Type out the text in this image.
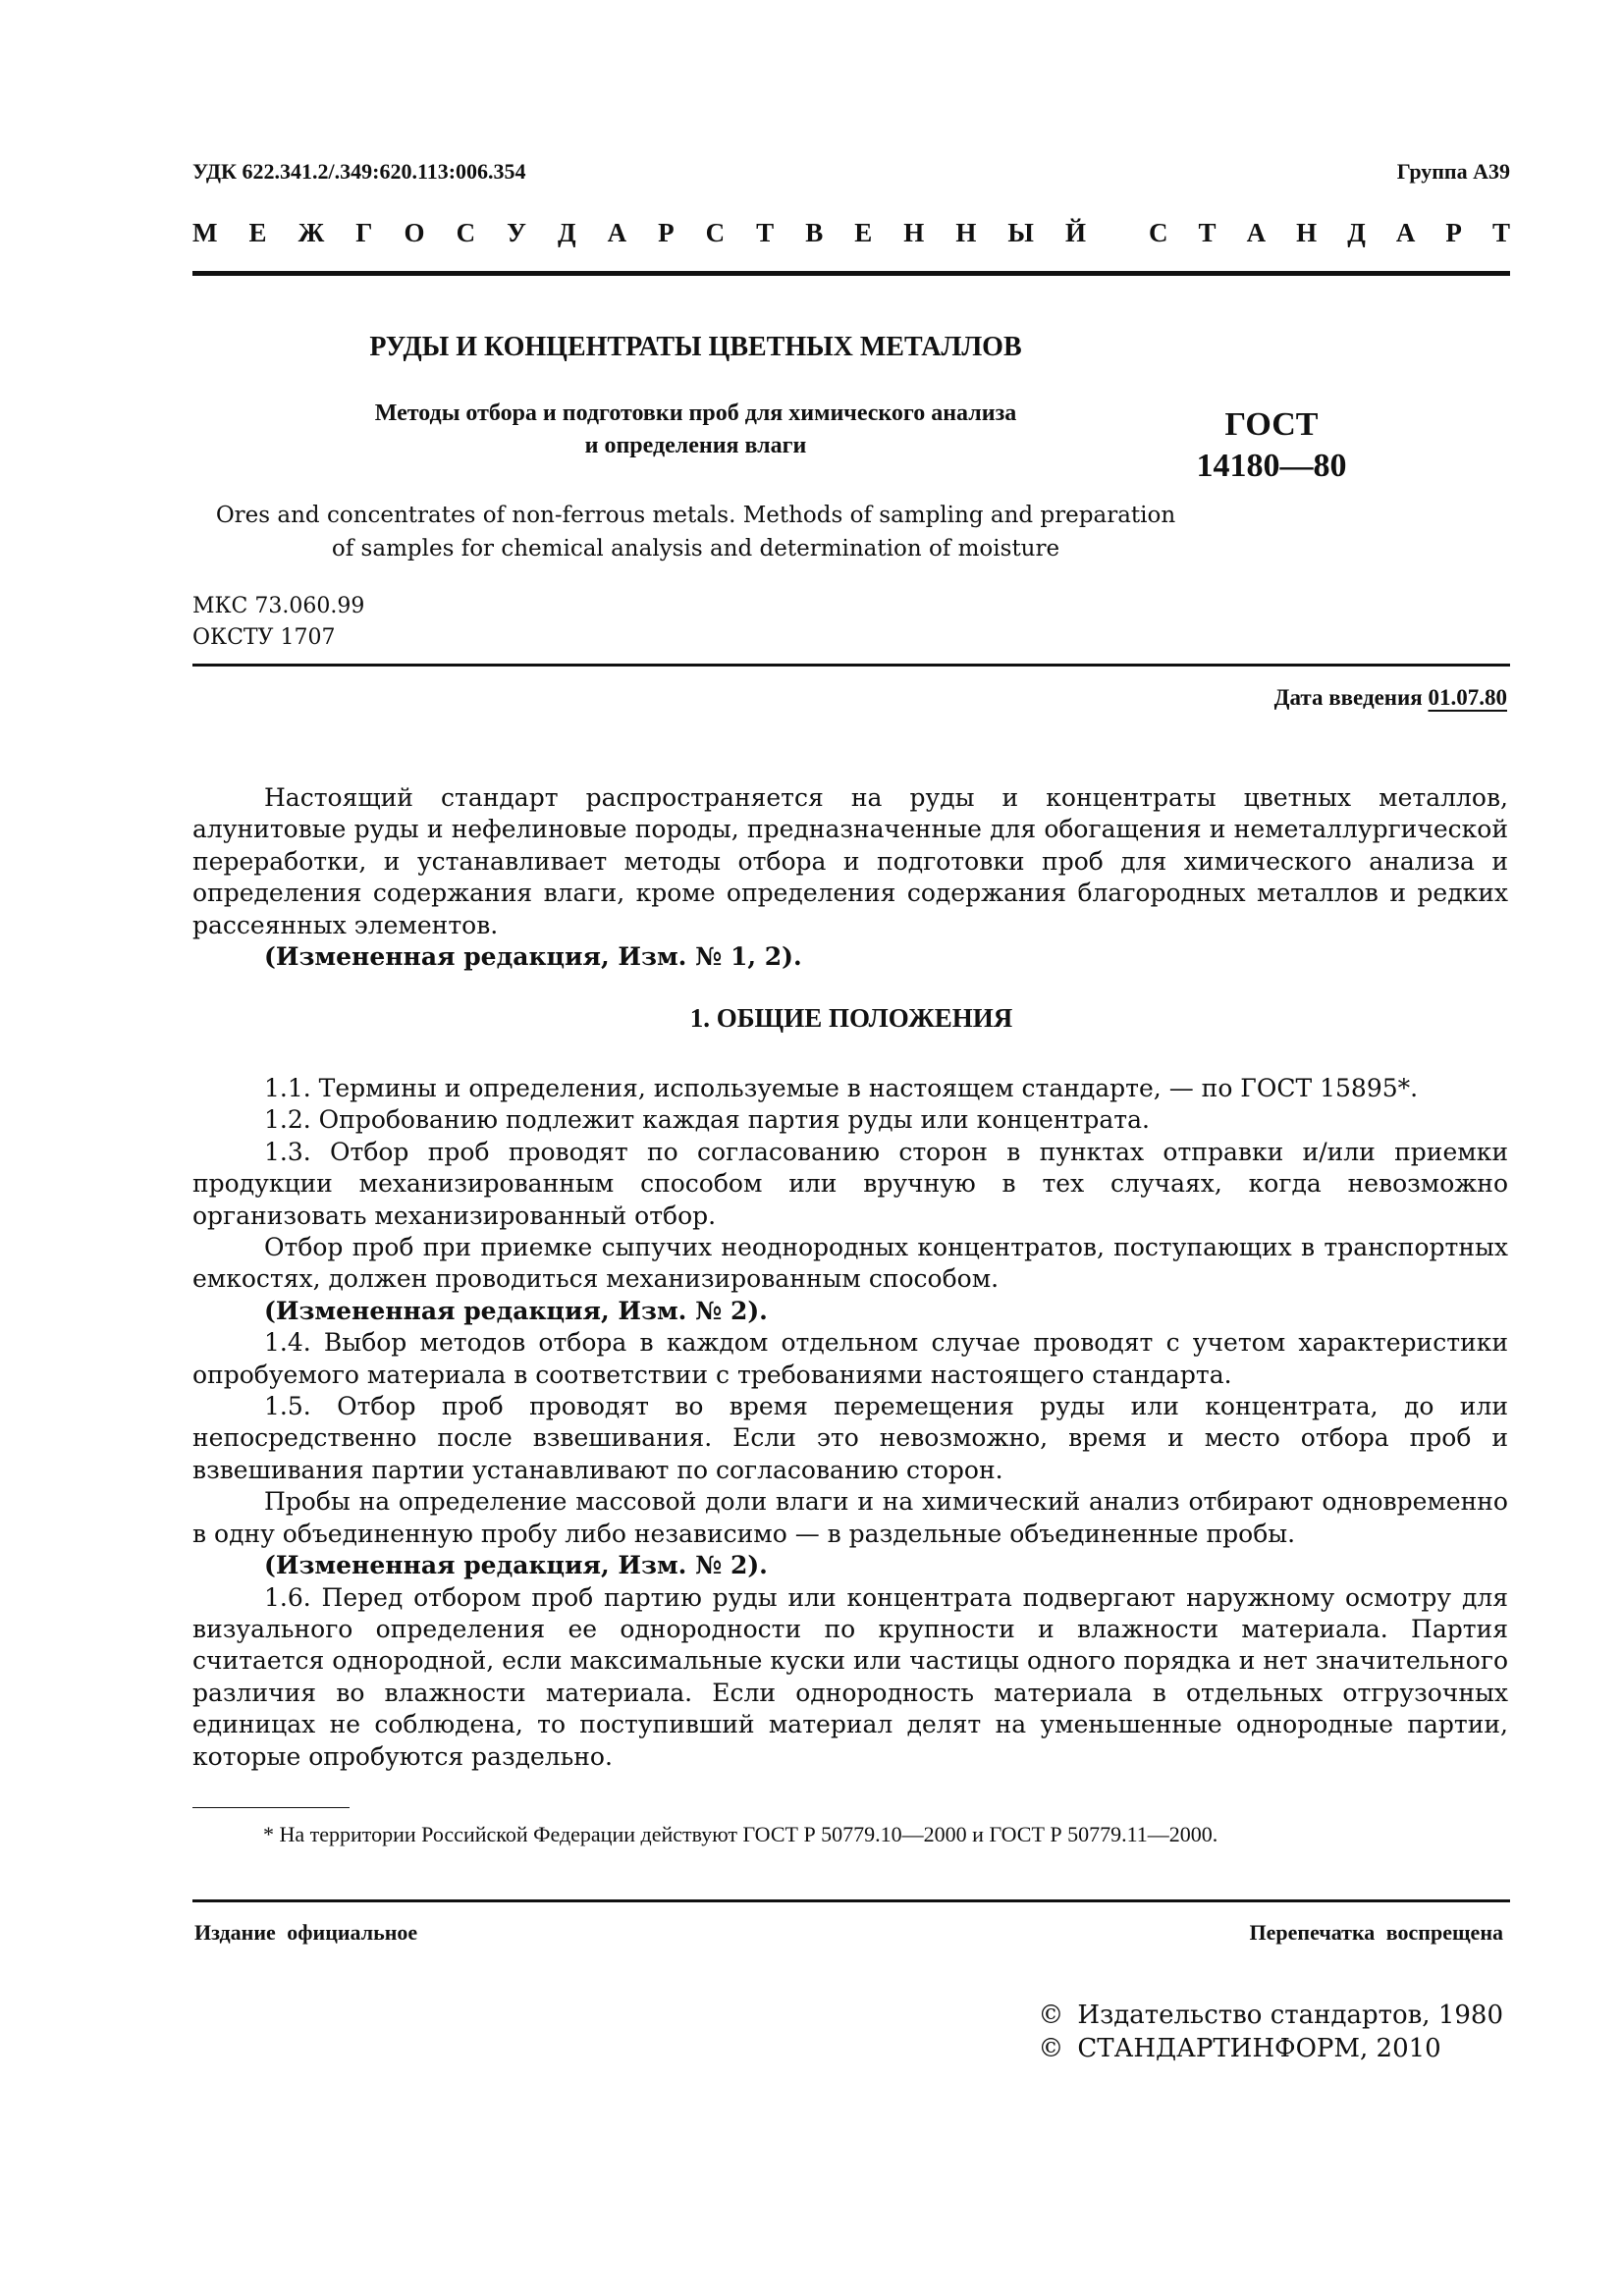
УДК 622.341.2/.349:620.113:006.354	Группа А39
М Е Ж Г О С У Д А Р С Т В Е Н Н Ы Й С Т А Н Д А Р Т
РУДЫ И КОНЦЕНТРАТЫ ЦВЕТНЫХ МЕТАЛЛОВ
Методы отбора и подготовки проб для химического анализа
и определения влаги
ГОСТ
14180—80
Ores and concentrates of non-ferrous metals. Methods of sampling and preparation
of samples for chemical analysis and determination of moisture
МКС 73.060.99
ОКСТУ 1707
Дата введения 01.07.80

Настоящий стандарт распространяется на руды и концентраты цветных металлов, алунитовые руды и нефелиновые породы, предназначенные для обогащения и неметаллургической переработки, и устанавливает методы отбора и подготовки проб для химического анализа и определения содержания влаги, кроме определения содержания благородных металлов и редких рассеянных элементов.

(Измененная редакция, Изм. № 1, 2).

1. ОБЩИЕ ПОЛОЖЕНИЯ

1.1. Термины и определения, используемые в настоящем стандарте, — по ГОСТ 15895*.

1.2. Опробованию подлежит каждая партия руды или концентрата.

1.3. Отбор проб проводят по согласованию сторон в пунктах отправки и/или приемки продукции механизированным способом или вручную в тех случаях, когда невозможно организовать механизированный отбор.

Отбор проб при приемке сыпучих неоднородных концентратов, поступающих в транспортных емкостях, должен проводиться механизированным способом.

(Измененная редакция, Изм. № 2).

1.4. Выбор методов отбора в каждом отдельном случае проводят с учетом характеристики опробуемого материала в соответствии с требованиями настоящего стандарта.

1.5. Отбор проб проводят во время перемещения руды или концентрата, до или непосредственно после взвешивания. Если это невозможно, время и место отбора проб и взвешивания партии устанавливают по согласованию сторон.

Пробы на определение массовой доли влаги и на химический анализ отбирают одновременно в одну объединенную пробу либо независимо — в раздельные объединенные пробы.

(Измененная редакция, Изм. № 2).

1.6. Перед отбором проб партию руды или концентрата подвергают наружному осмотру для визуального определения ее однородности по крупности и влажности материала. Партия считается однородной, если максимальные куски или частицы одного порядка и нет значительного различия во влажности материала. Если однородность материала в отдельных отгрузочных единицах не соблюдена, то поступивший материал делят на уменьшенные однородные партии, которые опробуются раздельно.

* На территории Российской Федерации действуют ГОСТ Р 50779.10—2000 и ГОСТ Р 50779.11—2000.
Издание официальное	Перепечатка воспрещена
© Издательство стандартов, 1980
© СТАНДАРТИНФОРМ, 2010
